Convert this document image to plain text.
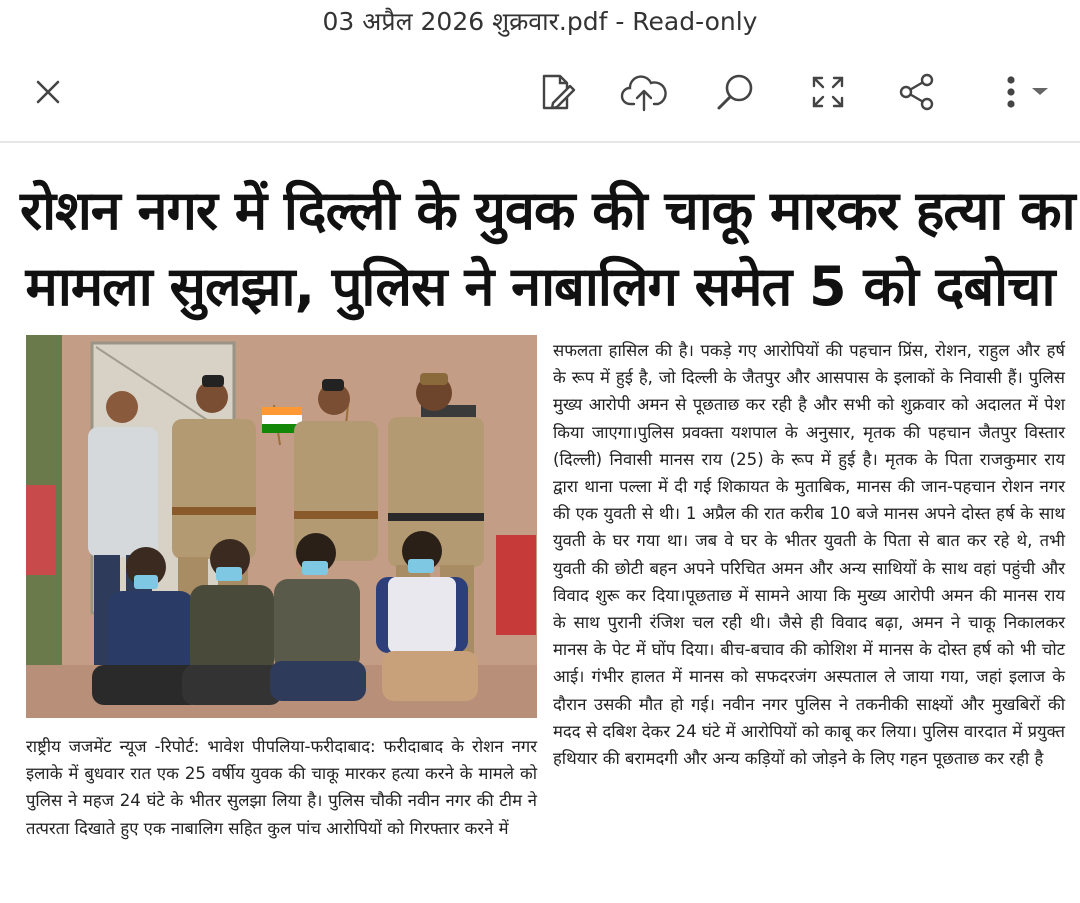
03 अप्रैल 2026 शुक्रवार.pdf - Read-only
रोशन नगर में दिल्ली के युवक की चाकू मारकर हत्या का
मामला सुलझा, पुलिस ने नाबालिग समेत 5 को दबोचा

सफलता हासिल की है। पकड़े गए आरोपियों की पहचान प्रिंस, रोशन, राहुल और हर्ष के रूप में हुई है, जो दिल्ली के जैतपुर और आसपास के इलाकों के निवासी हैं। पुलिस मुख्य आरोपी अमन से पूछताछ कर रही है और सभी को शुक्रवार को अदालत में पेश किया जाएगा।पुलिस प्रवक्ता यशपाल के अनुसार, मृतक की पहचान जैतपुर विस्तार (दिल्ली) निवासी मानस राय (25) के रूप में हुई है। मृतक के पिता राजकुमार राय द्वारा थाना पल्ला में दी गई शिकायत के मुताबिक, मानस की जान-पहचान रोशन नगर की एक युवती से थी। 1 अप्रैल की रात करीब 10 बजे मानस अपने दोस्त हर्ष के साथ युवती के घर गया था। जब वे घर के भीतर युवती के पिता से बात कर रहे थे, तभी युवती की छोटी बहन अपने परिचित अमन और अन्य साथियों के साथ वहां पहुंची और विवाद शुरू कर दिया।पूछताछ में सामने आया कि मुख्य आरोपी अमन की मानस राय के साथ पुरानी रंजिश चल रही थी। जैसे ही विवाद बढ़ा, अमन ने चाकू निकालकर मानस के पेट में घोंप दिया। बीच-बचाव की कोशिश में मानस के दोस्त हर्ष को भी चोट आई। गंभीर हालत में मानस को सफदरजंग अस्पताल ले जाया गया, जहां इलाज के दौरान उसकी मौत हो गई। नवीन नगर पुलिस ने तकनीकी साक्ष्यों और मुखबिरों की मदद से दबिश देकर 24 घंटे में आरोपियों को काबू कर लिया। पुलिस वारदात में प्रयुक्त हथियार की बरामदगी और अन्य कड़ियों को जोड़ने के लिए गहन पूछताछ कर रही है

राष्ट्रीय जजमेंट न्यूज -रिपोर्ट: भावेश पीपलिया-फरीदाबाद: फरीदाबाद के रोशन नगर इलाके में बुधवार रात एक 25 वर्षीय युवक की चाकू मारकर हत्या करने के मामले को पुलिस ने महज 24 घंटे के भीतर सुलझा लिया है। पुलिस चौकी नवीन नगर की टीम ने तत्परता दिखाते हुए एक नाबालिग सहित कुल पांच आरोपियों को गिरफ्तार करने में
